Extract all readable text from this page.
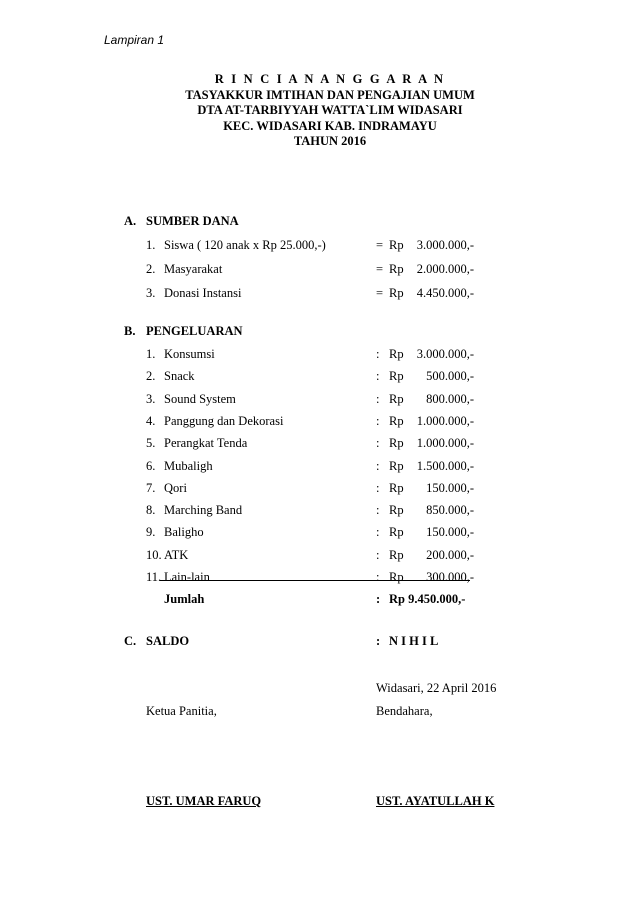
Lampiran 1
R I N C I A N A N G G A R A N
TASYAKKUR IMTIHAN DAN PENGAJIAN UMUM
DTA AT-TARBIYYAH WATTA`LIM WIDASARI
KEC. WIDASARI KAB. INDRAMAYU
TAHUN 2016
A. SUMBER DANA
1. Siswa ( 120 anak x Rp 25.000,-)	= Rp	3.000.000,-
2. Masyarakat	= Rp	2.000.000,-
3. Donasi Instansi	= Rp	4.450.000,-
B. PENGELUARAN
1. Konsumsi	: Rp	3.000.000,-
2. Snack	: Rp	500.000,-
3. Sound System	: Rp	800.000,-
4. Panggung dan Dekorasi	: Rp	1.000.000,-
5. Perangkat Tenda	: Rp	1.000.000,-
6. Mubaligh	: Rp	1.500.000,-
7. Qori	: Rp	150.000,-
8. Marching Band	: Rp	850.000,-
9. Baligho	: Rp	150.000,-
10. ATK	: Rp	200.000,-
11. Lain-lain	: Rp	300.000,-
Jumlah	: Rp 9.450.000,-
C. SALDO	: N I H I L
Widasari, 22 April 2016
Ketua Panitia,	Bendahara,
UST. UMAR FARUQ	UST. AYATULLAH K
